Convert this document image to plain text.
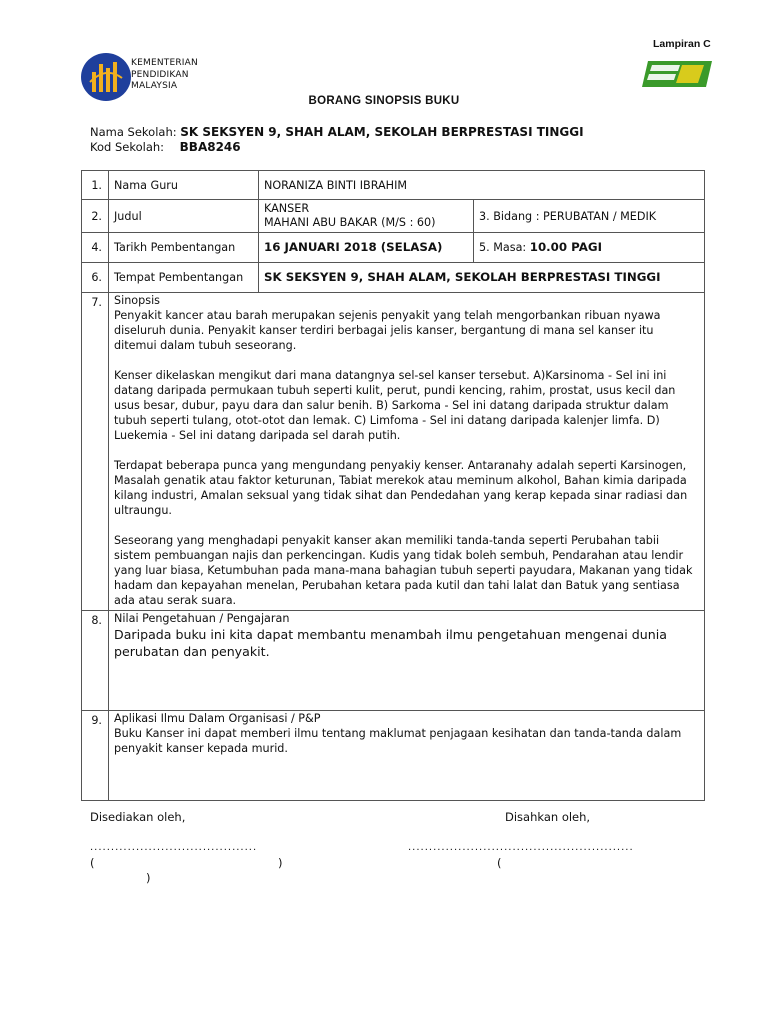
KEMENTERIAN
PENDIDIKAN
MALAYSIA
Lampiran C
BORANG SINOPSIS BUKU
Nama Sekolah: SK SEKSYEN 9, SHAH ALAM, SEKOLAH BERPRESTASI TINGGI
Kod Sekolah: BBA8246
1.	Nama Guru	NORANIZA BINTI IBRAHIM	
2.	Judul	KANSER
MAHANI ABU BAKAR (M/S : 60)	3. Bidang : PERUBATAN / MEDIK
4.	Tarikh Pembentangan	16 JANUARI 2018 (SELASA)	5. Masa: 10.00 PAGI
6.	Tempat Pembentangan	SK SEKSYEN 9, SHAH ALAM, SEKOLAH BERPRESTASI TINGGI	
7.	Sinopsis

Penyakit kancer atau barah merupakan sejenis penyakit yang telah mengorbankan ribuan nyawa diseluruh dunia. Penyakit kanser terdiri berbagai jelis kanser, bergantung di mana sel kanser itu ditemui dalam tubuh seseorang.

Kenser dikelaskan mengikut dari mana datangnya sel-sel kanser tersebut. A)Karsinoma - Sel ini ini datang daripada permukaan tubuh seperti kulit, perut, pundi kencing, rahim, prostat, usus kecil dan usus besar, dubur, payu dara dan salur benih. B) Sarkoma - Sel ini datang daripada struktur dalam tubuh seperti tulang, otot-otot dan lemak. C) Limfoma - Sel ini datang daripada kalenjer limfa. D) Luekemia - Sel ini datang daripada sel darah putih.

Terdapat beberapa punca yang mengundang penyakiy kenser. Antaranahy adalah seperti Karsinogen, Masalah genatik atau faktor keturunan, Tabiat merekok atau meminum alkohol, Bahan kimia daripada kilang industri, Amalan seksual yang tidak sihat dan Pendedahan yang kerap kepada sinar radiasi dan ultraungu.

Seseorang yang menghadapi penyakit kanser akan memiliki tanda-tanda seperti Perubahan tabii sistem pembuangan najis dan perkencingan. Kudis yang tidak boleh sembuh, Pendarahan atau lendir yang luar biasa, Ketumbuhan pada mana-mana bahagian tubuh seperti payudara, Makanan yang tidak hadam dan kepayahan menelan, Perubahan ketara pada kutil dan tahi lalat dan Batuk yang sentiasa ada atau serak suara.		

8.	Nilai Pengetahuan / Pengajaran
Daripada buku ini kita dapat membantu menambah ilmu pengetahuan mengenai dunia perubatan dan penyakit.		

9.	Aplikasi Ilmu Dalam Organisasi / P&P
Buku Kanser ini dapat memberi ilmu tentang maklumat penjagaan kesihatan dan tanda-tanda dalam penyakit kanser kepada murid.		
Disediakan oleh,	Disahkan oleh,
........................................	......................................................
(	)	(
)
